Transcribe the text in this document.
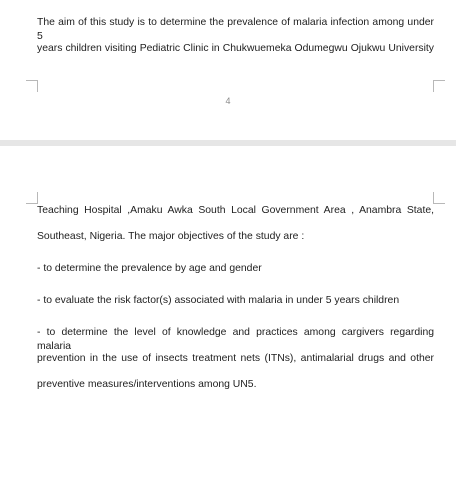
The aim of this study is to determine the prevalence of malaria infection among under 5
years children visiting Pediatric Clinic in Chukwuemeka Odumegwu Ojukwu University
4
Teaching Hospital ,Amaku Awka South Local Government Area , Anambra State,
Southeast, Nigeria. The major objectives of the study are :
- to determine the prevalence by age and gender
- to evaluate the risk factor(s) associated with malaria in under 5 years children
- to determine the level of knowledge and practices among cargivers regarding malaria
prevention in the use of insects treatment nets (ITNs), antimalarial drugs and other
preventive measures/interventions among UN5.
